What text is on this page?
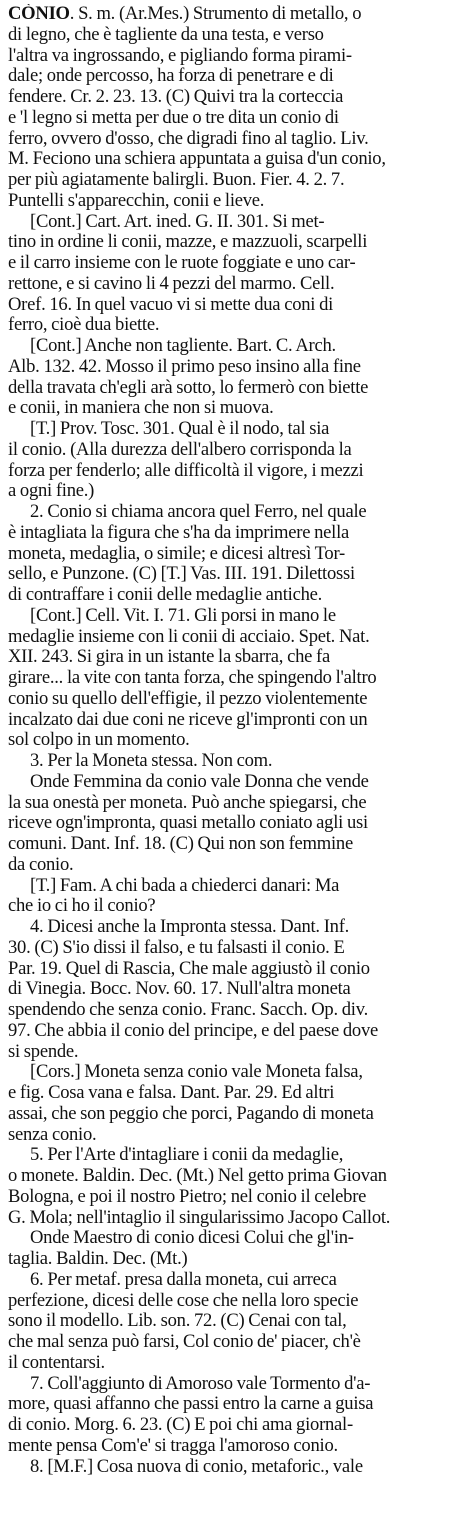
CÒNIO. S. m. (Ar.Mes.) Strumento di metallo, o
di legno, che è tagliente da una testa, e verso
l'altra va ingrossando, e pigliando forma pirami-
dale; onde percosso, ha forza di penetrare e di
fendere. Cr. 2. 23. 13. (C) Quivi tra la corteccia
e 'l legno si metta per due o tre dita un conio di
ferro, ovvero d'osso, che digradi fino al taglio. Liv.
M. Feciono una schiera appuntata a guisa d'un conio,
per più agiatamente balirgli. Buon. Fier. 4. 2. 7.
Puntelli s'apparecchin, conii e lieve.
[Cont.] Cart. Art. ined. G. II. 301. Si met-
tino in ordine li conii, mazze, e mazzuoli, scarpelli
e il carro insieme con le ruote foggiate e uno car-
rettone, e si cavino li 4 pezzi del marmo. Cell.
Oref. 16. In quel vacuo vi si mette dua coni di
ferro, cioè dua biette.
[Cont.] Anche non tagliente. Bart. C. Arch.
Alb. 132. 42. Mosso il primo peso insino alla fine
della travata ch'egli arà sotto, lo fermerò con biette
e conii, in maniera che non si muova.
[T.] Prov. Tosc. 301. Qual è il nodo, tal sia
il conio. (Alla durezza dell'albero corrisponda la
forza per fenderlo; alle difficoltà il vigore, i mezzi
a ogni fine.)
2. Conio si chiama ancora quel Ferro, nel quale
è intagliata la figura che s'ha da imprimere nella
moneta, medaglia, o simile; e dicesi altresì Tor-
sello, e Punzone. (C) [T.] Vas. III. 191. Dilettossi
di contraffare i conii delle medaglie antiche.
[Cont.] Cell. Vit. I. 71. Gli porsi in mano le
medaglie insieme con li conii di acciaio. Spet. Nat.
XII. 243. Si gira in un istante la sbarra, che fa
girare... la vite con tanta forza, che spingendo l'altro
conio su quello dell'effigie, il pezzo violentemente
incalzato dai due coni ne riceve gl'impronti con un
sol colpo in un momento.
3. Per la Moneta stessa. Non com.
Onde Femmina da conio vale Donna che vende
la sua onestà per moneta. Può anche spiegarsi, che
riceve ogn'impronta, quasi metallo coniato agli usi
comuni. Dant. Inf. 18. (C) Qui non son femmine
da conio.
[T.] Fam. A chi bada a chiederci danari: Ma
che io ci ho il conio?
4. Dicesi anche la Impronta stessa. Dant. Inf.
30. (C) S'io dissi il falso, e tu falsasti il conio. E
Par. 19. Quel di Rascia, Che male aggiustò il conio
di Vinegia. Bocc. Nov. 60. 17. Null'altra moneta
spendendo che senza conio. Franc. Sacch. Op. div.
97. Che abbia il conio del principe, e del paese dove
si spende.
[Cors.] Moneta senza conio vale Moneta falsa,
e fig. Cosa vana e falsa. Dant. Par. 29. Ed altri
assai, che son peggio che porci, Pagando di moneta
senza conio.
5. Per l'Arte d'intagliare i conii da medaglie,
o monete. Baldin. Dec. (Mt.) Nel getto prima Giovan
Bologna, e poi il nostro Pietro; nel conio il celebre
G. Mola; nell'intaglio il singularissimo Jacopo Callot.
Onde Maestro di conio dicesi Colui che gl'in-
taglia. Baldin. Dec. (Mt.)
6. Per metaf. presa dalla moneta, cui arreca
perfezione, dicesi delle cose che nella loro specie
sono il modello. Lib. son. 72. (C) Cenai con tal,
che mal senza può farsi, Col conio de' piacer, ch'è
il contentarsi.
7. Coll'aggiunto di Amoroso vale Tormento d'a-
more, quasi affanno che passi entro la carne a guisa
di conio. Morg. 6. 23. (C) E poi chi ama giornal-
mente pensa Com'e' si tragga l'amoroso conio.
8. [M.F.] Cosa nuova di conio, metaforic., vale
